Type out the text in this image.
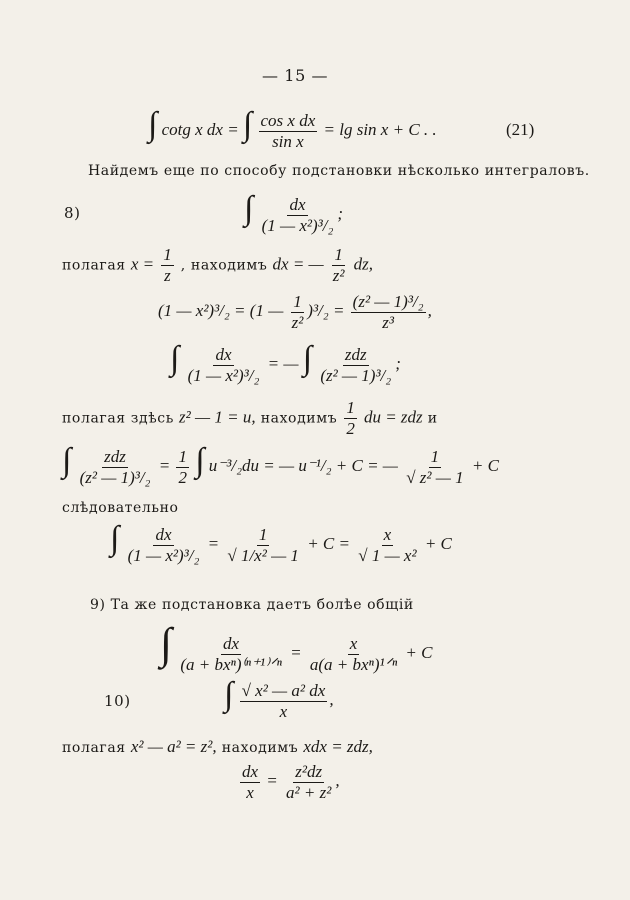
— 15 —
∫ cotg x dx = ∫ $\frac{\text{cos x dx}}{\text{sin x}} = \lg \sin x + C$ . .	(21)
Найдемъ еще по способу подстановки нѣсколько интеграловъ.
8)	∫ $\frac{dx}{\text{(1 — x²)³/₂}}$ ;
полагая $x = \frac{1}{z}$ , находимъ dx = — $\frac{1}{\text{z²}}$ dz,
(1 — x²)³/₂ = (1 — $\frac{1}{\text{z²}} )^3/_2 = \frac{\text{(z² — 1)³/₂}}{\text{z³}}$ ,
∫ $\frac{dx}{\text{(1 — x²)³/₂}}$ = — ∫ $\frac{\text{zdz}}{\text{(z² — 1)³/₂}}$ ;
полагая здѣсь z² — 1 = u, находимъ $\frac{1}{2}$ du = zdz и
∫ $\frac{\text{zdz}}{\text{(z² — 1)³/₂}} = \frac{1}{2}$ ∫ u⁻³/₂du = — u⁻¹/₂ + C = — $\frac{1}{\text{√ z² — 1}} + C$
слѣдовательно
∫ $\frac{dx}{\text{(1 — x²)³/₂}} = \frac{1}{\text{√ 1/x² — 1}} + C = \frac{x}{\text{√ 1 — x²}} + C$
9) Та же подстановка даетъ болѣе общій
∫ $\frac{dx}{\text{(a + bxⁿ)⁽ⁿ⁺¹⁾ᐟⁿ}} = \frac{x}{\text{a(a + bxⁿ)¹ᐟⁿ}} + C$
10)	∫ $\frac{\text{√ x² — a² dx}}{x}$ ,
полагая x² — a² = z², находимъ xdx = zdz,
$\frac{dx}{x} = \frac{\text{z²dz}}{\text{a² + z²}}$ ,
